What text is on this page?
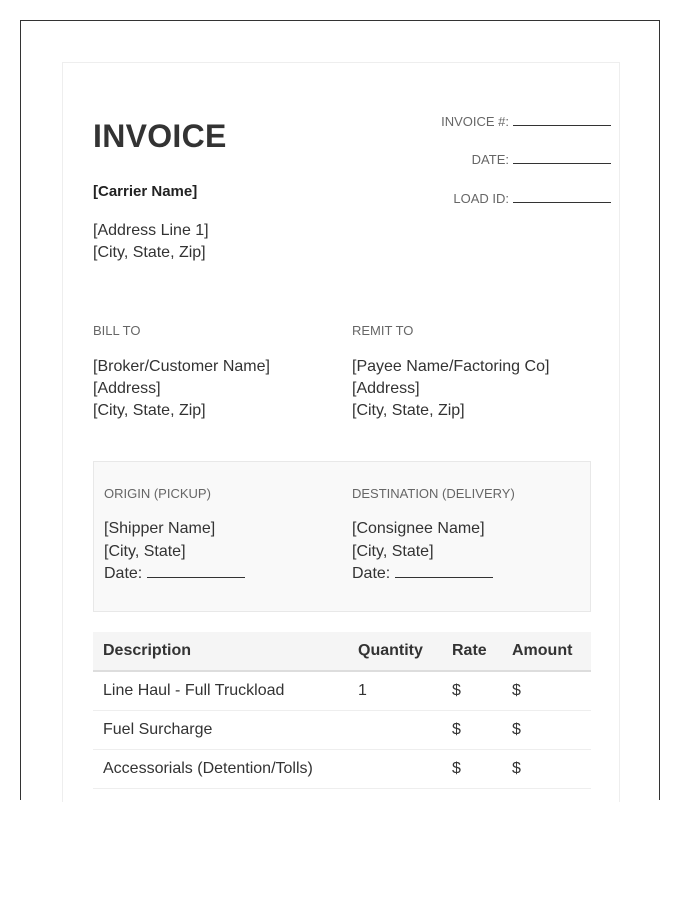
INVOICE	INVOICE #:
DATE:
LOAD ID:
[Carrier Name]
[Address Line 1]
[City, State, Zip]
BILL TO
[Broker/Customer Name]
[Address]
[City, State, Zip]
REMIT TO
[Payee Name/Factoring Co]
[Address]
[City, State, Zip]
ORIGIN (PICKUP)
[Shipper Name]
[City, State]
Date:
DESTINATION (DELIVERY)
[Consignee Name]
[City, State]
Date:
Description	Quantity	Rate	Amount
Line Haul - Full Truckload	1	$	$
Fuel Surcharge		$	$
Accessorials (Detention/Tolls)		$	$
